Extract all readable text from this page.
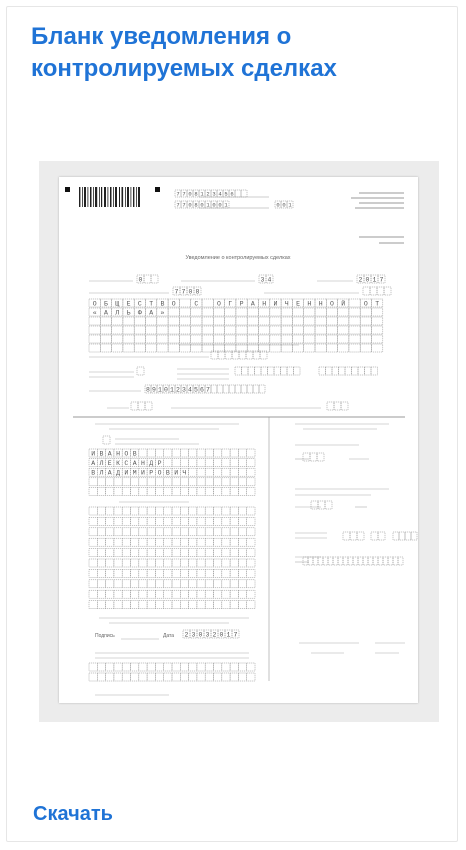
Бланк уведомления о контролируемых сделках
7 7 0 8 1 2 3 4 5 6
7 7 0 8 0 1 0 0 1	0 0 1
Уведомление о контролируемых сделках
0	3 4	2 0 1 7
7 7 0 8
О Б Щ Е С Т В О	С	О Г Р А Н И Ч Е Н Н О Й	О Т
« А Л Ь Ф А »
8 9 1 0 1 2 3 4 5 6 7
И В А Н О В
А Л Е К С А Н Д Р
В Л А Д И М И Р О В И Ч
Подпись	Дата 2 3 0 3 2 0 1 7
Скачать
